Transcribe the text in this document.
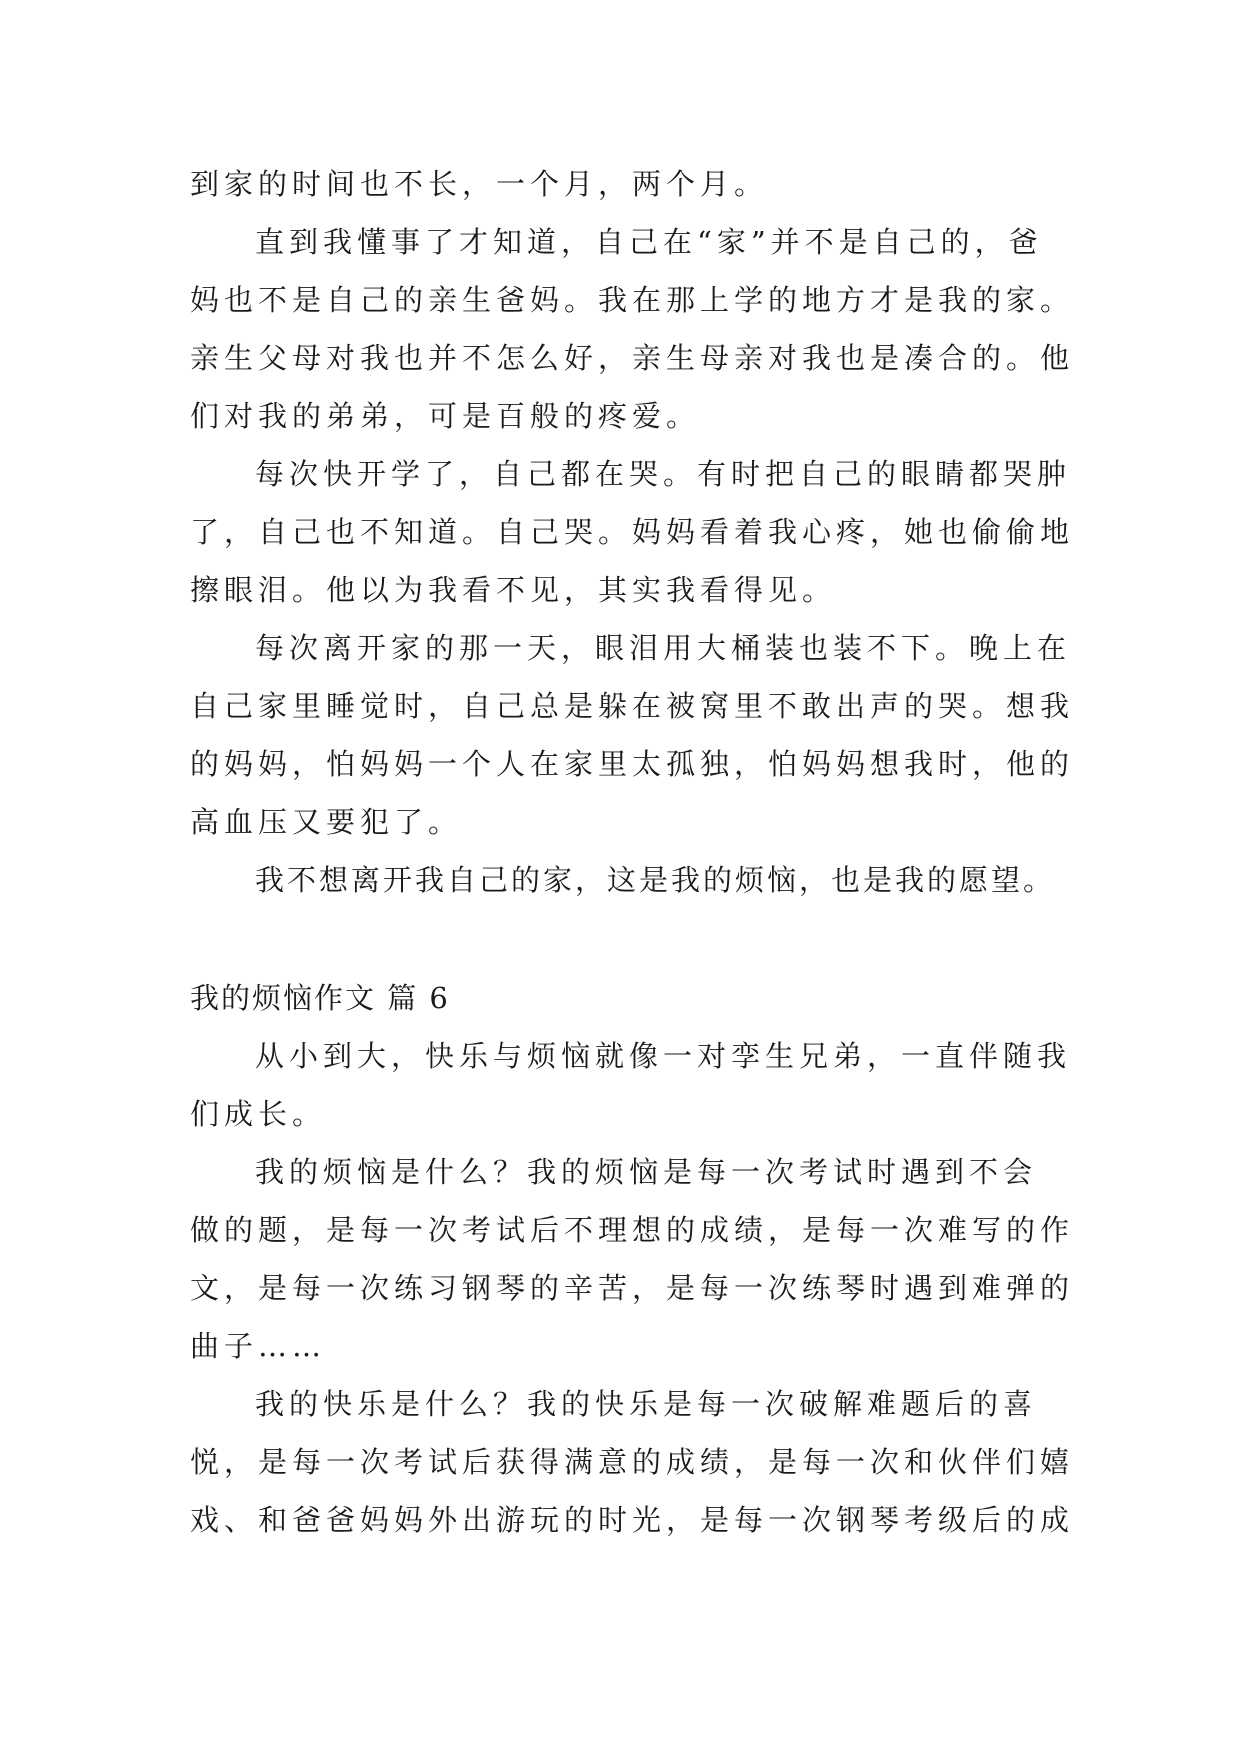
到家的时间也不长，一个月，两个月。
直到我懂事了才知道，自己在“家”并不是自己的，爸
妈也不是自己的亲生爸妈。我在那上学的地方才是我的家。
亲生父母对我也并不怎么好，亲生母亲对我也是凑合的。他
们对我的弟弟，可是百般的疼爱。
每次快开学了，自己都在哭。有时把自己的眼睛都哭肿
了，自己也不知道。自己哭。妈妈看着我心疼，她也偷偷地
擦眼泪。他以为我看不见，其实我看得见。
每次离开家的那一天，眼泪用大桶装也装不下。晚上在
自己家里睡觉时，自己总是躲在被窝里不敢出声的哭。想我
的妈妈，怕妈妈一个人在家里太孤独，怕妈妈想我时，他的
高血压又要犯了。
我不想离开我自己的家，这是我的烦恼，也是我的愿望。
我的烦恼作文 篇 6
从小到大，快乐与烦恼就像一对孪生兄弟，一直伴随我
们成长。
我的烦恼是什么？我的烦恼是每一次考试时遇到不会
做的题，是每一次考试后不理想的成绩，是每一次难写的作
文，是每一次练习钢琴的辛苦，是每一次练琴时遇到难弹的
曲子……
我的快乐是什么？我的快乐是每一次破解难题后的喜
悦，是每一次考试后获得满意的成绩，是每一次和伙伴们嬉
戏、和爸爸妈妈外出游玩的时光，是每一次钢琴考级后的成
